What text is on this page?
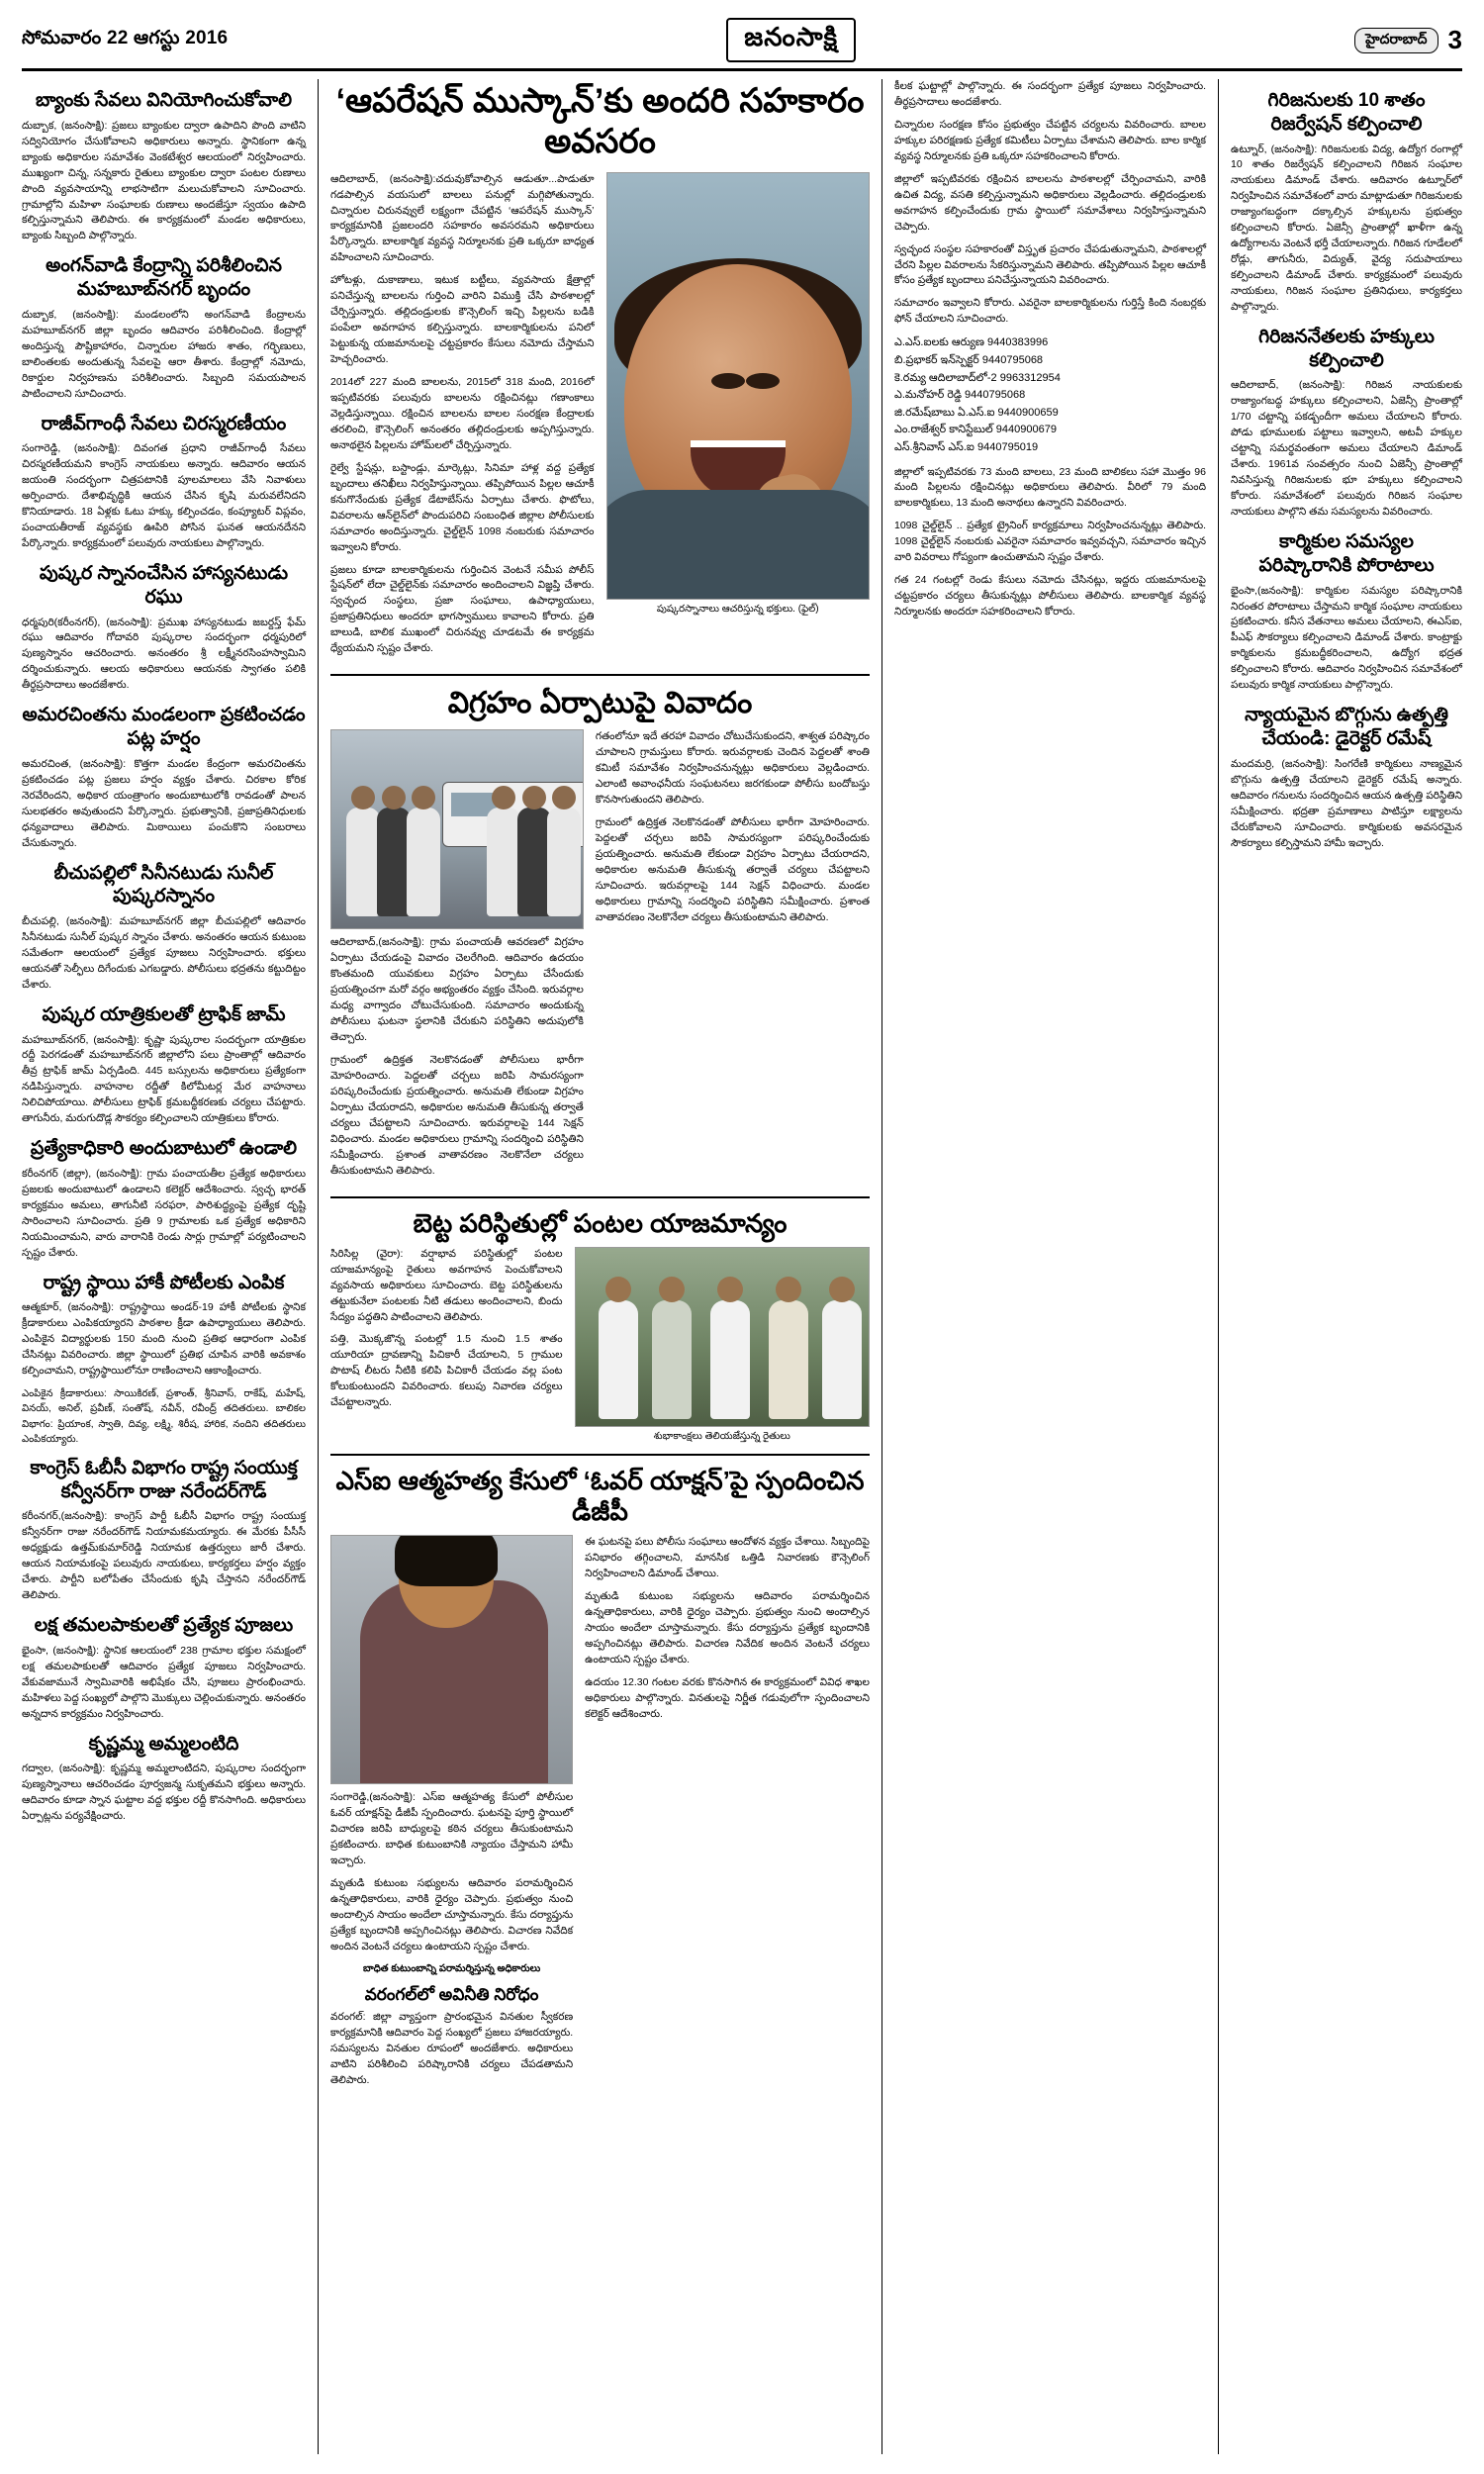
సోమవారం 22 ఆగస్టు 2016	జనంసాక్షి	హైదరాబాద్ 3
బ్యాంకు సేవలు వినియోగించుకోవాలి

దుబ్బాక, (జనంసాక్షి): ప్రజలు బ్యాంకుల ద్వారా ఉపాదిని పొంది వాటిని సద్వినియోగం చేసుకోవాలని అధికారులు అన్నారు. స్థానికంగా ఉన్న బ్యాంకు అధికారుల సమావేశం వెంకటేశ్వర ఆలయంలో నిర్వహించారు. ముఖ్యంగా చిన్న, సన్నకారు రైతులు బ్యాంకుల ద్వారా పంటల రుణాలు పొంది వ్యవసాయాన్ని లాభసాటిగా మలుచుకోవాలని సూచించారు. గ్రామాల్లోని మహిళా సంఘాలకు రుణాలు అందజేస్తూ స్వయం ఉపాది కల్పిస్తున్నామని తెలిపారు. ఈ కార్యక్రమంలో మండల అధికారులు, బ్యాంకు సిబ్బంది పాల్గొన్నారు.

అంగన్‌వాడి కేంద్రాన్ని పరిశీలించిన మహబూబ్‌నగర్‌ బృందం

దుబ్బాక, (జనంసాక్షి): మండలంలోని అంగన్‌వాడి కేంద్రాలను మహబూబ్‌నగర్‌ జిల్లా బృందం ఆదివారం పరిశీలించింది. కేంద్రాల్లో అందిస్తున్న పౌష్టికాహారం, చిన్నారుల హాజరు శాతం, గర్భిణులు, బాలింతలకు అందుతున్న సేవలపై ఆరా తీశారు. కేంద్రాల్లో నమోదు, రికార్డుల నిర్వహణను పరిశీలించారు. సిబ్బంది సమయపాలన పాటించాలని సూచించారు.

రాజీవ్‌గాంధీ సేవలు చిరస్మరణీయం

సంగారెడ్డి, (జనంసాక్షి): దివంగత ప్రధాని రాజీవ్‌గాంధీ సేవలు చిరస్మరణీయమని కాంగ్రెస్‌ నాయకులు అన్నారు. ఆదివారం ఆయన జయంతి సందర్భంగా చిత్రపటానికి పూలమాలలు వేసి నివాళులు అర్పించారు. దేశాభివృద్ధికి ఆయన చేసిన కృషి మరువలేనిదని కొనియాడారు. 18 ఏళ్లకు ఓటు హక్కు కల్పించడం, కంప్యూటర్‌ విప్లవం, పంచాయతీరాజ్‌ వ్యవస్థకు ఊపిరి పోసిన ఘనత ఆయనదేనని పేర్కొన్నారు. కార్యక్రమంలో పలువురు నాయకులు పాల్గొన్నారు.

పుష్కర స్నానంచేసిన హాస్యనటుడు రఘు

ధర్మపురి(కరీంనగర్), (జనంసాక్షి): ప్రముఖ హాస్యనటుడు జబర్దస్త్‌ ఫేమ్‌ రఘు ఆదివారం గోదావరి పుష్కరాల సందర్భంగా ధర్మపురిలో పుణ్యస్నానం ఆచరించారు. అనంతరం శ్రీ లక్ష్మీనరసింహస్వామిని దర్శించుకున్నారు. ఆలయ అధికారులు ఆయనకు స్వాగతం పలికి తీర్థప్రసాదాలు అందజేశారు.

అమరచింతను మండలంగా ప్రకటించడం పట్ల హర్షం

అమరచింత, (జనంసాక్షి): కొత్తగా మండల కేంద్రంగా అమరచింతను ప్రకటించడం పట్ల ప్రజలు హర్షం వ్యక్తం చేశారు. చిరకాల కోరిక నెరవేరిందని, అధికార యంత్రాంగం అందుబాటులోకి రావడంతో పాలన సులభతరం అవుతుందని పేర్కొన్నారు. ప్రభుత్వానికి, ప్రజాప్రతినిధులకు ధన్యవాదాలు తెలిపారు. మిఠాయిలు పంచుకొని సంబరాలు చేసుకున్నారు.

బీచుపల్లిలో సినీనటుడు సునీల్‌ పుష్కరస్నానం

బీచుపల్లి, (జనంసాక్షి): మహబూబ్‌నగర్‌ జిల్లా బీచుపల్లిలో ఆదివారం సినీనటుడు సునీల్‌ పుష్కర స్నానం చేశారు. అనంతరం ఆయన కుటుంబ సమేతంగా ఆలయంలో ప్రత్యేక పూజలు నిర్వహించారు. భక్తులు ఆయనతో సెల్ఫీలు దిగేందుకు ఎగబడ్డారు. పోలీసులు భద్రతను కట్టుదిట్టం చేశారు.

పుష్కర యాత్రికులతో ట్రాఫిక్‌ జామ్‌

మహబూబ్‌నగర్‌, (జనంసాక్షి): కృష్ణా పుష్కరాల సందర్భంగా యాత్రికుల రద్దీ పెరగడంతో మహబూబ్‌నగర్‌ జిల్లాలోని పలు ప్రాంతాల్లో ఆదివారం తీవ్ర ట్రాఫిక్‌ జామ్‌ ఏర్పడింది. 445 బస్సులను అధికారులు ప్రత్యేకంగా నడిపిస్తున్నారు. వాహనాల రద్దీతో కిలోమీటర్ల మేర వాహనాలు నిలిచిపోయాయి. పోలీసులు ట్రాఫిక్‌ క్రమబద్ధీకరణకు చర్యలు చేపట్టారు. తాగునీరు, మరుగుదొడ్ల సౌకర్యం కల్పించాలని యాత్రికులు కోరారు.

ప్రత్యేకాధికారి అందుబాటులో ఉండాలి

కరీంనగర్‌ (జిల్లా), (జనంసాక్షి): గ్రామ పంచాయతీల ప్రత్యేక అధికారులు ప్రజలకు అందుబాటులో ఉండాలని కలెక్టర్‌ ఆదేశించారు. స్వచ్ఛ భారత్‌ కార్యక్రమం అమలు, తాగునీటి సరఫరా, పారిశుద్ధ్యంపై ప్రత్యేక దృష్టి సారించాలని సూచించారు. ప్రతి 9 గ్రామాలకు ఒక ప్రత్యేక అధికారిని నియమించామని, వారు వారానికి రెండు సార్లు గ్రామాల్లో పర్యటించాలని స్పష్టం చేశారు.

రాష్ట్ర స్థాయి హాకీ పోటీలకు ఎంపిక

ఆత్మకూర్‌, (జనంసాక్షి): రాష్ట్రస్థాయి అండర్‌-19 హాకీ పోటీలకు స్థానిక క్రీడాకారులు ఎంపికయ్యారని పాఠశాల క్రీడా ఉపాధ్యాయులు తెలిపారు. ఎంపికైన విద్యార్థులకు 150 మంది నుంచి ప్రతిభ ఆధారంగా ఎంపిక చేసినట్లు వివరించారు. జిల్లా స్థాయిలో ప్రతిభ చూపిన వారికి అవకాశం కల్పించామని, రాష్ట్రస్థాయిలోనూ రాణించాలని ఆకాంక్షించారు.

ఎంపికైన క్రీడాకారులు: సాయికిరణ్‌, ప్రశాంత్‌, శ్రీనివాస్‌, రాకేష్‌, మహేష్‌, వినయ్‌, అనిల్‌, ప్రవీణ్‌, సంతోష్‌, నవీన్‌, రవీంద్ర్‌ తదితరులు. బాలికల విభాగం: ప్రియాంక, స్వాతి, దివ్య, లక్ష్మి, శిరీష, హారిక, నందిని తదితరులు ఎంపికయ్యారు.

కాంగ్రెస్‌ ఓబీసీ విభాగం రాష్ట్ర సంయుక్త కన్వీనర్‌గా రాజు నరేందర్‌గౌడ్‌

కరీంనగర్‌,(జనంసాక్షి): కాంగ్రెస్‌ పార్టీ ఓబీసీ విభాగం రాష్ట్ర సంయుక్త కన్వీనర్‌గా రాజు నరేందర్‌గౌడ్‌ నియామకమయ్యారు. ఈ మేరకు పీసీసీ అధ్యక్షుడు ఉత్తమ్‌కుమార్‌రెడ్డి నియామక ఉత్తర్వులు జారీ చేశారు. ఆయన నియామకంపై పలువురు నాయకులు, కార్యకర్తలు హర్షం వ్యక్తం చేశారు. పార్టీని బలోపేతం చేసేందుకు కృషి చేస్తానని నరేందర్‌గౌడ్‌ తెలిపారు.

లక్ష తమలపాకులతో ప్రత్యేక పూజలు

భైంసా, (జనంసాక్షి): స్థానిక ఆలయంలో 238 గ్రామాల భక్తుల సమక్షంలో లక్ష తమలపాకులతో ఆదివారం ప్రత్యేక పూజలు నిర్వహించారు. వేకువజామునే స్వామివారికి అభిషేకం చేసి, పూజలు ప్రారంభించారు. మహిళలు పెద్ద సంఖ్యలో పాల్గొని మొక్కులు చెల్లించుకున్నారు. అనంతరం అన్నదాన కార్యక్రమం నిర్వహించారు.

కృష్ణమ్మ అమ్మలంటిది

గద్వాల, (జనంసాక్షి): కృష్ణమ్మ అమ్మలాంటిదని, పుష్కరాల సందర్భంగా పుణ్యస్నానాలు ఆచరించడం పూర్వజన్మ సుకృతమని భక్తులు అన్నారు. ఆదివారం కూడా స్నాన ఘట్టాల వద్ద భక్తుల రద్దీ కొనసాగింది. అధికారులు ఏర్పాట్లను పర్యవేక్షించారు.

‘ఆపరేషన్‌ ముస్కాన్‌’కు అందరి సహకారం అవసరం

ఆదిలాబాద్‌, (జనంసాక్షి):చదువుకోవాల్సిన ఆడుతూ...పాడుతూ గడపాల్సిన వయసులో బాలలు పనుల్లో మగ్గిపోతున్నారు. చిన్నారుల చిరునవ్వులే లక్ష్యంగా చేపట్టిన ‘ఆపరేషన్‌ ముస్కాన్‌’ కార్యక్రమానికి ప్రజలందరి సహకారం అవసరమని అధికారులు పేర్కొన్నారు. బాలకార్మిక వ్యవస్థ నిర్మూలనకు ప్రతి ఒక్కరూ బాధ్యత వహించాలని సూచించారు.

హోటళ్లు, దుకాణాలు, ఇటుక బట్టీలు, వ్యవసాయ క్షేత్రాల్లో పనిచేస్తున్న బాలలను గుర్తించి వారిని విముక్తి చేసి పాఠశాలల్లో చేర్పిస్తున్నారు. తల్లిదండ్రులకు కౌన్సెలింగ్‌ ఇచ్చి పిల్లలను బడికి పంపేలా అవగాహన కల్పిస్తున్నారు. బాలకార్మికులను పనిలో పెట్టుకున్న యజమానులపై చట్టప్రకారం కేసులు నమోదు చేస్తామని హెచ్చరించారు.

2014లో 227 మంది బాలలను, 2015లో 318 మంది, 2016లో ఇప్పటివరకు పలువురు బాలలను రక్షించినట్లు గణాంకాలు వెల్లడిస్తున్నాయి. రక్షించిన బాలలను బాలల సంరక్షణ కేంద్రాలకు తరలించి, కౌన్సెలింగ్‌ అనంతరం తల్లిదండ్రులకు అప్పగిస్తున్నారు. అనాథలైన పిల్లలను హోమ్‌లలో చేర్పిస్తున్నారు.

రైల్వే స్టేషన్లు, బస్టాండ్లు, మార్కెట్లు, సినిమా హాళ్ల వద్ద ప్రత్యేక బృందాలు తనిఖీలు నిర్వహిస్తున్నాయి. తప్పిపోయిన పిల్లల ఆచూకీ కనుగొనేందుకు ప్రత్యేక డేటాబేస్‌ను ఏర్పాటు చేశారు. ఫొటోలు, వివరాలను ఆన్‌లైన్‌లో పొందుపరిచి సంబంధిత జిల్లాల పోలీసులకు సమాచారం అందిస్తున్నారు. చైల్డ్‌లైన్‌ 1098 నంబరుకు సమాచారం ఇవ్వాలని కోరారు.

ప్రజలు కూడా బాలకార్మికులను గుర్తించిన వెంటనే సమీప పోలీస్‌ స్టేషన్‌లో లేదా చైల్డ్‌లైన్‌కు సమాచారం అందించాలని విజ్ఞప్తి చేశారు. స్వచ్ఛంద సంస్థలు, ప్రజా సంఘాలు, ఉపాధ్యాయులు, ప్రజాప్రతినిధులు అందరూ భాగస్వాములు కావాలని కోరారు. ప్రతి బాలుడి, బాలిక ముఖంలో చిరునవ్వు చూడటమే ఈ కార్యక్రమ ధ్యేయమని స్పష్టం చేశారు.

పుష్కరస్నానాలు ఆచరిస్తున్న భక్తులు. (ఫైల్‌)
విగ్రహం ఏర్పాటుపై వివాదం

ఆదిలాబాద్‌,(జనంసాక్షి): గ్రామ పంచాయతీ ఆవరణలో విగ్రహం ఏర్పాటు చేయడంపై వివాదం చెలరేగింది. ఆదివారం ఉదయం కొంతమంది యువకులు విగ్రహం ఏర్పాటు చేసేందుకు ప్రయత్నించగా మరో వర్గం అభ్యంతరం వ్యక్తం చేసింది. ఇరువర్గాల మధ్య వాగ్వాదం చోటుచేసుకుంది. సమాచారం అందుకున్న పోలీసులు ఘటనా స్థలానికి చేరుకుని పరిస్థితిని అదుపులోకి తెచ్చారు.

గ్రామంలో ఉద్రిక్తత నెలకొనడంతో పోలీసులు భారీగా మోహరించారు. పెద్దలతో చర్చలు జరిపి సామరస్యంగా పరిష్కరించేందుకు ప్రయత్నించారు. అనుమతి లేకుండా విగ్రహం ఏర్పాటు చేయరాదని, అధికారుల అనుమతి తీసుకున్న తర్వాతే చర్యలు చేపట్టాలని సూచించారు. ఇరువర్గాలపై 144 సెక్షన్‌ విధించారు. మండల అధికారులు గ్రామాన్ని సందర్శించి పరిస్థితిని సమీక్షించారు. ప్రశాంత వాతావరణం నెలకొనేలా చర్యలు తీసుకుంటామని తెలిపారు.

గతంలోనూ ఇదే తరహా వివాదం చోటుచేసుకుందని, శాశ్వత పరిష్కారం చూపాలని గ్రామస్తులు కోరారు. ఇరువర్గాలకు చెందిన పెద్దలతో శాంతి కమిటీ సమావేశం నిర్వహించనున్నట్లు అధికారులు వెల్లడించారు. ఎలాంటి అవాంఛనీయ సంఘటనలు జరగకుండా పోలీసు బందోబస్తు కొనసాగుతుందని తెలిపారు.

గ్రామంలో ఉద్రిక్తత నెలకొనడంతో పోలీసులు భారీగా మోహరించారు. పెద్దలతో చర్చలు జరిపి సామరస్యంగా పరిష్కరించేందుకు ప్రయత్నించారు. అనుమతి లేకుండా విగ్రహం ఏర్పాటు చేయరాదని, అధికారుల అనుమతి తీసుకున్న తర్వాతే చర్యలు చేపట్టాలని సూచించారు. ఇరువర్గాలపై 144 సెక్షన్‌ విధించారు. మండల అధికారులు గ్రామాన్ని సందర్శించి పరిస్థితిని సమీక్షించారు. ప్రశాంత వాతావరణం నెలకొనేలా చర్యలు తీసుకుంటామని తెలిపారు.

బెట్ట పరిస్థితుల్లో పంటల యాజమాన్యం

సిరిసిల్ల (వైరా): వర్షాభావ పరిస్థితుల్లో పంటల యాజమాన్యంపై రైతులు అవగాహన పెంచుకోవాలని వ్యవసాయ అధికారులు సూచించారు. బెట్ట పరిస్థితులను తట్టుకునేలా పంటలకు నీటి తడులు అందించాలని, బిందు సేద్యం పద్ధతిని పాటించాలని తెలిపారు.

పత్తి, మొక్కజొన్న పంటల్లో 1.5 నుంచి 1.5 శాతం యూరియా ద్రావణాన్ని పిచికారీ చేయాలని, 5 గ్రాముల పొటాష్‌ లీటరు నీటికి కలిపి పిచికారీ చేయడం వల్ల పంట కోలుకుంటుందని వివరించారు. కలుపు నివారణ చర్యలు చేపట్టాలన్నారు.

శుభాకాంక్షలు తెలియజేస్తున్న రైతులు
ఎస్‌ఐ ఆత్మహత్య కేసులో ‘ఓవర్‌ యాక్షన్‌’పై స్పందించిన డీజీపీ

సంగారెడ్డి,(జనంసాక్షి): ఎస్‌ఐ ఆత్మహత్య కేసులో పోలీసుల ఓవర్‌ యాక్షన్‌పై డీజీపీ స్పందించారు. ఘటనపై పూర్తి స్థాయిలో విచారణ జరిపి బాధ్యులపై కఠిన చర్యలు తీసుకుంటామని ప్రకటించారు. బాధిత కుటుంబానికి న్యాయం చేస్తామని హామీ ఇచ్చారు.

మృతుడి కుటుంబ సభ్యులను ఆదివారం పరామర్శించిన ఉన్నతాధికారులు, వారికి ధైర్యం చెప్పారు. ప్రభుత్వం నుంచి అందాల్సిన సాయం అందేలా చూస్తామన్నారు. కేసు దర్యాప్తును ప్రత్యేక బృందానికి అప్పగించినట్లు తెలిపారు. విచారణ నివేదిక అందిన వెంటనే చర్యలు ఉంటాయని స్పష్టం చేశారు.

బాధిత కుటుంబాన్ని పరామర్శిస్తున్న అధికారులు
వరంగల్‌లో అవినీతి నిరోధం

వరంగల్‌: జిల్లా వ్యాప్తంగా ప్రారంభమైన వినతుల స్వీకరణ కార్యక్రమానికి ఆదివారం పెద్ద సంఖ్యలో ప్రజలు హాజరయ్యారు. సమస్యలను వినతుల రూపంలో అందజేశారు. అధికారులు వాటిని పరిశీలించి పరిష్కారానికి చర్యలు చేపడతామని తెలిపారు.

ఈ ఘటనపై పలు పోలీసు సంఘాలు ఆందోళన వ్యక్తం చేశాయి. సిబ్బందిపై పనిభారం తగ్గించాలని, మానసిక ఒత్తిడి నివారణకు కౌన్సెలింగ్‌ నిర్వహించాలని డిమాండ్‌ చేశాయి.

మృతుడి కుటుంబ సభ్యులను ఆదివారం పరామర్శించిన ఉన్నతాధికారులు, వారికి ధైర్యం చెప్పారు. ప్రభుత్వం నుంచి అందాల్సిన సాయం అందేలా చూస్తామన్నారు. కేసు దర్యాప్తును ప్రత్యేక బృందానికి అప్పగించినట్లు తెలిపారు. విచారణ నివేదిక అందిన వెంటనే చర్యలు ఉంటాయని స్పష్టం చేశారు.

ఉదయం 12.30 గంటల వరకు కొనసాగిన ఈ కార్యక్రమంలో వివిధ శాఖల అధికారులు పాల్గొన్నారు. వినతులపై నిర్ణీత గడువులోగా స్పందించాలని కలెక్టర్‌ ఆదేశించారు.

కీలక ఘట్టాల్లో పాల్గొన్నారు. ఈ సందర్భంగా ప్రత్యేక పూజలు నిర్వహించారు. తీర్థప్రసాదాలు అందజేశారు.

చిన్నారుల సంరక్షణ కోసం ప్రభుత్వం చేపట్టిన చర్యలను వివరించారు. బాలల హక్కుల పరిరక్షణకు ప్రత్యేక కమిటీలు ఏర్పాటు చేశామని తెలిపారు. బాల కార్మిక వ్యవస్థ నిర్మూలనకు ప్రతి ఒక్కరూ సహకరించాలని కోరారు.

జిల్లాలో ఇప్పటివరకు రక్షించిన బాలలను పాఠశాలల్లో చేర్పించామని, వారికి ఉచిత విద్య, వసతి కల్పిస్తున్నామని అధికారులు వెల్లడించారు. తల్లిదండ్రులకు అవగాహన కల్పించేందుకు గ్రామ స్థాయిలో సమావేశాలు నిర్వహిస్తున్నామని చెప్పారు.

స్వచ్ఛంద సంస్థల సహకారంతో విస్తృత ప్రచారం చేపడుతున్నామని, పాఠశాలల్లో చేరని పిల్లల వివరాలను సేకరిస్తున్నామని తెలిపారు. తప్పిపోయిన పిల్లల ఆచూకీ కోసం ప్రత్యేక బృందాలు పనిచేస్తున్నాయని వివరించారు.

సమాచారం ఇవ్వాలని కోరారు. ఎవరైనా బాలకార్మికులను గుర్తిస్తే కింది నంబర్లకు ఫోన్‌ చేయాలని సూచించారు.

ఎ.ఎస్‌.ఐలకు ఆర్యుణ 9440383996
బి.ప్రభాకర్‌ ఇన్‌స్పెక్టర్‌ 9440795068
కె.రమ్య ఆదిలాబాద్‌లో-2 9963312954
ఎ.మనోహర్‌ రెడ్డి 9440795068
జి.రమేష్‌బాబు ఏ.ఎస్‌.ఐ 9440900659
ఎం.రాజేశ్వర్‌ కానిస్టేబుల్‌ 9440900679
ఎస్‌.శ్రీనివాస్‌ ఎస్‌.ఐ 9440795019

జిల్లాలో ఇప్పటివరకు 73 మంది బాలలు, 23 మంది బాలికలు సహా మొత్తం 96 మంది పిల్లలను రక్షించినట్లు అధికారులు తెలిపారు. వీరిలో 79 మంది బాలకార్మికులు, 13 మంది అనాథలు ఉన్నారని వివరించారు.

1098 చైల్డ్‌లైన్‌ .. ప్రత్యేక ట్రైనింగ్‌ కార్యక్రమాలు నిర్వహించనున్నట్లు తెలిపారు. 1098 చైల్డ్‌లైన్‌ నంబరుకు ఎవరైనా సమాచారం ఇవ్వవచ్చని, సమాచారం ఇచ్చిన వారి వివరాలు గోప్యంగా ఉంచుతామని స్పష్టం చేశారు.

గత 24 గంటల్లో రెండు కేసులు నమోదు చేసినట్లు, ఇద్దరు యజమానులపై చట్టప్రకారం చర్యలు తీసుకున్నట్లు పోలీసులు తెలిపారు. బాలకార్మిక వ్యవస్థ నిర్మూలనకు అందరూ సహకరించాలని కోరారు.

గిరిజనులకు 10 శాతం రిజర్వేషన్‌ కల్పించాలి

ఉట్నూర్‌, (జనంసాక్షి): గిరిజనులకు విద్య, ఉద్యోగ రంగాల్లో 10 శాతం రిజర్వేషన్‌ కల్పించాలని గిరిజన సంఘాల నాయకులు డిమాండ్‌ చేశారు. ఆదివారం ఉట్నూర్‌లో నిర్వహించిన సమావేశంలో వారు మాట్లాడుతూ గిరిజనులకు రాజ్యాంగబద్ధంగా దక్కాల్సిన హక్కులను ప్రభుత్వం కల్పించాలని కోరారు. ఏజెన్సీ ప్రాంతాల్లో ఖాళీగా ఉన్న ఉద్యోగాలను వెంటనే భర్తీ చేయాలన్నారు. గిరిజన గూడేలలో రోడ్లు, తాగునీరు, విద్యుత్‌, వైద్య సదుపాయాలు కల్పించాలని డిమాండ్‌ చేశారు. కార్యక్రమంలో పలువురు నాయకులు, గిరిజన సంఘాల ప్రతినిధులు, కార్యకర్తలు పాల్గొన్నారు.

గిరిజననేతలకు హక్కులు కల్పించాలి

ఆదిలాబాద్‌, (జనంసాక్షి): గిరిజన నాయకులకు రాజ్యాంగబద్ధ హక్కులు కల్పించాలని, ఏజెన్సీ ప్రాంతాల్లో 1/70 చట్టాన్ని పకడ్బందీగా అమలు చేయాలని కోరారు. పోడు భూములకు పట్టాలు ఇవ్వాలని, అటవీ హక్కుల చట్టాన్ని సమర్థవంతంగా అమలు చేయాలని డిమాండ్‌ చేశారు. 1961వ సంవత్సరం నుంచి ఏజెన్సీ ప్రాంతాల్లో నివసిస్తున్న గిరిజనులకు భూ హక్కులు కల్పించాలని కోరారు. సమావేశంలో పలువురు గిరిజన సంఘాల నాయకులు పాల్గొని తమ సమస్యలను వివరించారు.

కార్మికుల సమస్యల పరిష్కారానికి పోరాటాలు

భైంసా,(జనంసాక్షి): కార్మికుల సమస్యల పరిష్కారానికి నిరంతర పోరాటాలు చేస్తామని కార్మిక సంఘాల నాయకులు ప్రకటించారు. కనీస వేతనాలు అమలు చేయాలని, ఈఎస్‌ఐ, పీఎఫ్‌ సౌకర్యాలు కల్పించాలని డిమాండ్‌ చేశారు. కాంట్రాక్టు కార్మికులను క్రమబద్ధీకరించాలని, ఉద్యోగ భద్రత కల్పించాలని కోరారు. ఆదివారం నిర్వహించిన సమావేశంలో పలువురు కార్మిక నాయకులు పాల్గొన్నారు.

న్యాయమైన బొగ్గును ఉత్పత్తి చేయండి: డైరెక్టర్‌ రమేష్‌

మందమర్రి, (జనంసాక్షి): సింగరేణి కార్మికులు నాణ్యమైన బొగ్గును ఉత్పత్తి చేయాలని డైరెక్టర్‌ రమేష్‌ అన్నారు. ఆదివారం గనులను సందర్శించిన ఆయన ఉత్పత్తి పరిస్థితిని సమీక్షించారు. భద్రతా ప్రమాణాలు పాటిస్తూ లక్ష్యాలను చేరుకోవాలని సూచించారు. కార్మికులకు అవసరమైన సౌకర్యాలు కల్పిస్తామని హామీ ఇచ్చారు.
